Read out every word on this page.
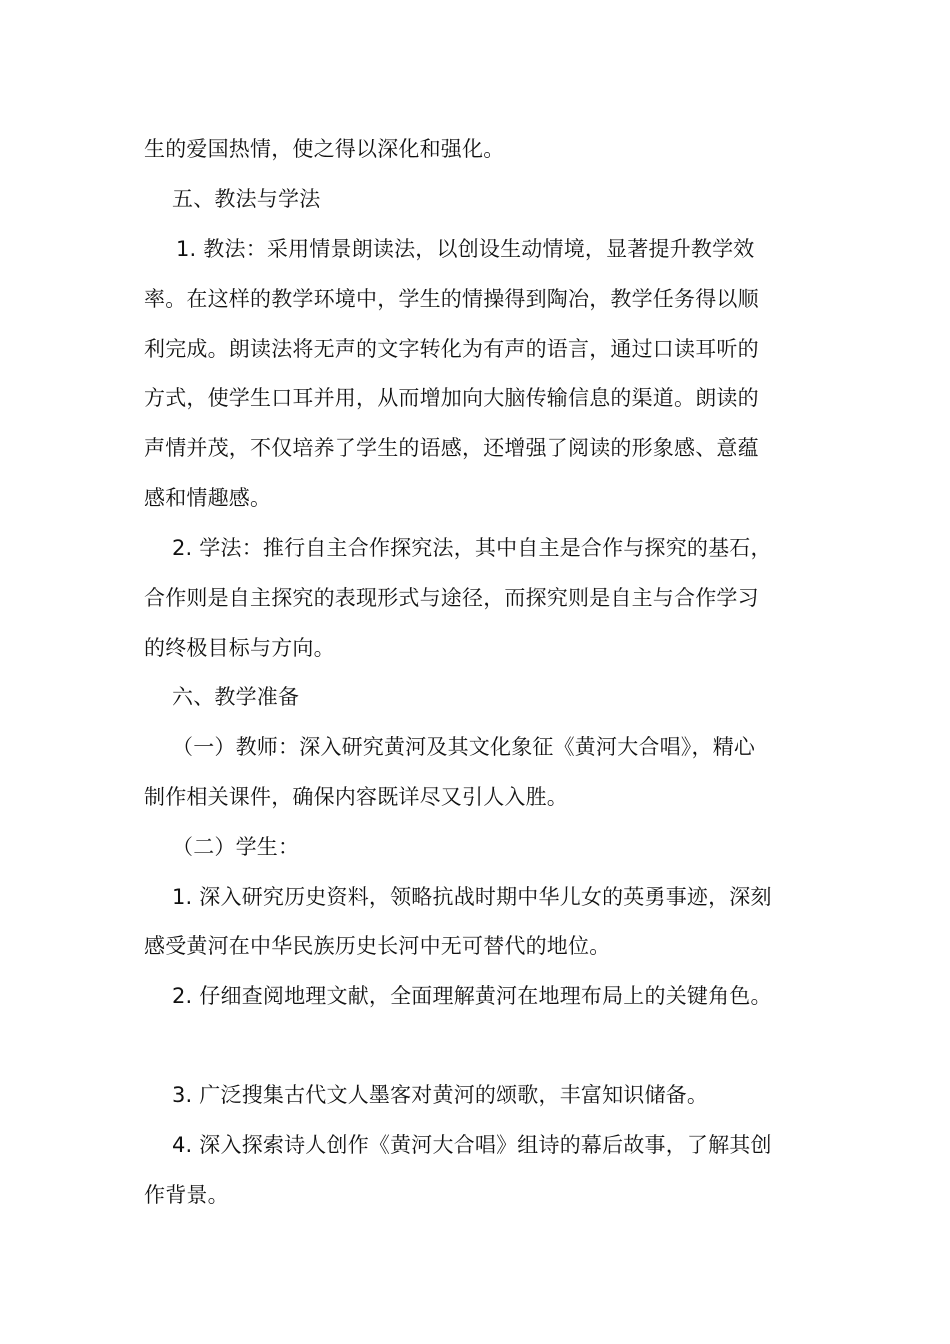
生的爱国热情，使之得以深化和强化。
五、教法与学法
1. 教法：采用情景朗读法，以创设生动情境，显著提升教学效
率。在这样的教学环境中，学生的情操得到陶冶，教学任务得以顺
利完成。朗读法将无声的文字转化为有声的语言，通过口读耳听的
方式，使学生口耳并用，从而增加向大脑传输信息的渠道。朗读的
声情并茂，不仅培养了学生的语感，还增强了阅读的形象感、意蕴
感和情趣感。
2. 学法：推行自主合作探究法，其中自主是合作与探究的基石，
合作则是自主探究的表现形式与途径，而探究则是自主与合作学习
的终极目标与方向。
六、教学准备
（一）教师：深入研究黄河及其文化象征《黄河大合唱》，精心
制作相关课件，确保内容既详尽又引人入胜。
（二）学生：
1. 深入研究历史资料，领略抗战时期中华儿女的英勇事迹，深刻
感受黄河在中华民族历史长河中无可替代的地位。
2. 仔细查阅地理文献，全面理解黄河在地理布局上的关键角色。
3. 广泛搜集古代文人墨客对黄河的颂歌，丰富知识储备。
4. 深入探索诗人创作《黄河大合唱》组诗的幕后故事，了解其创
作背景。
